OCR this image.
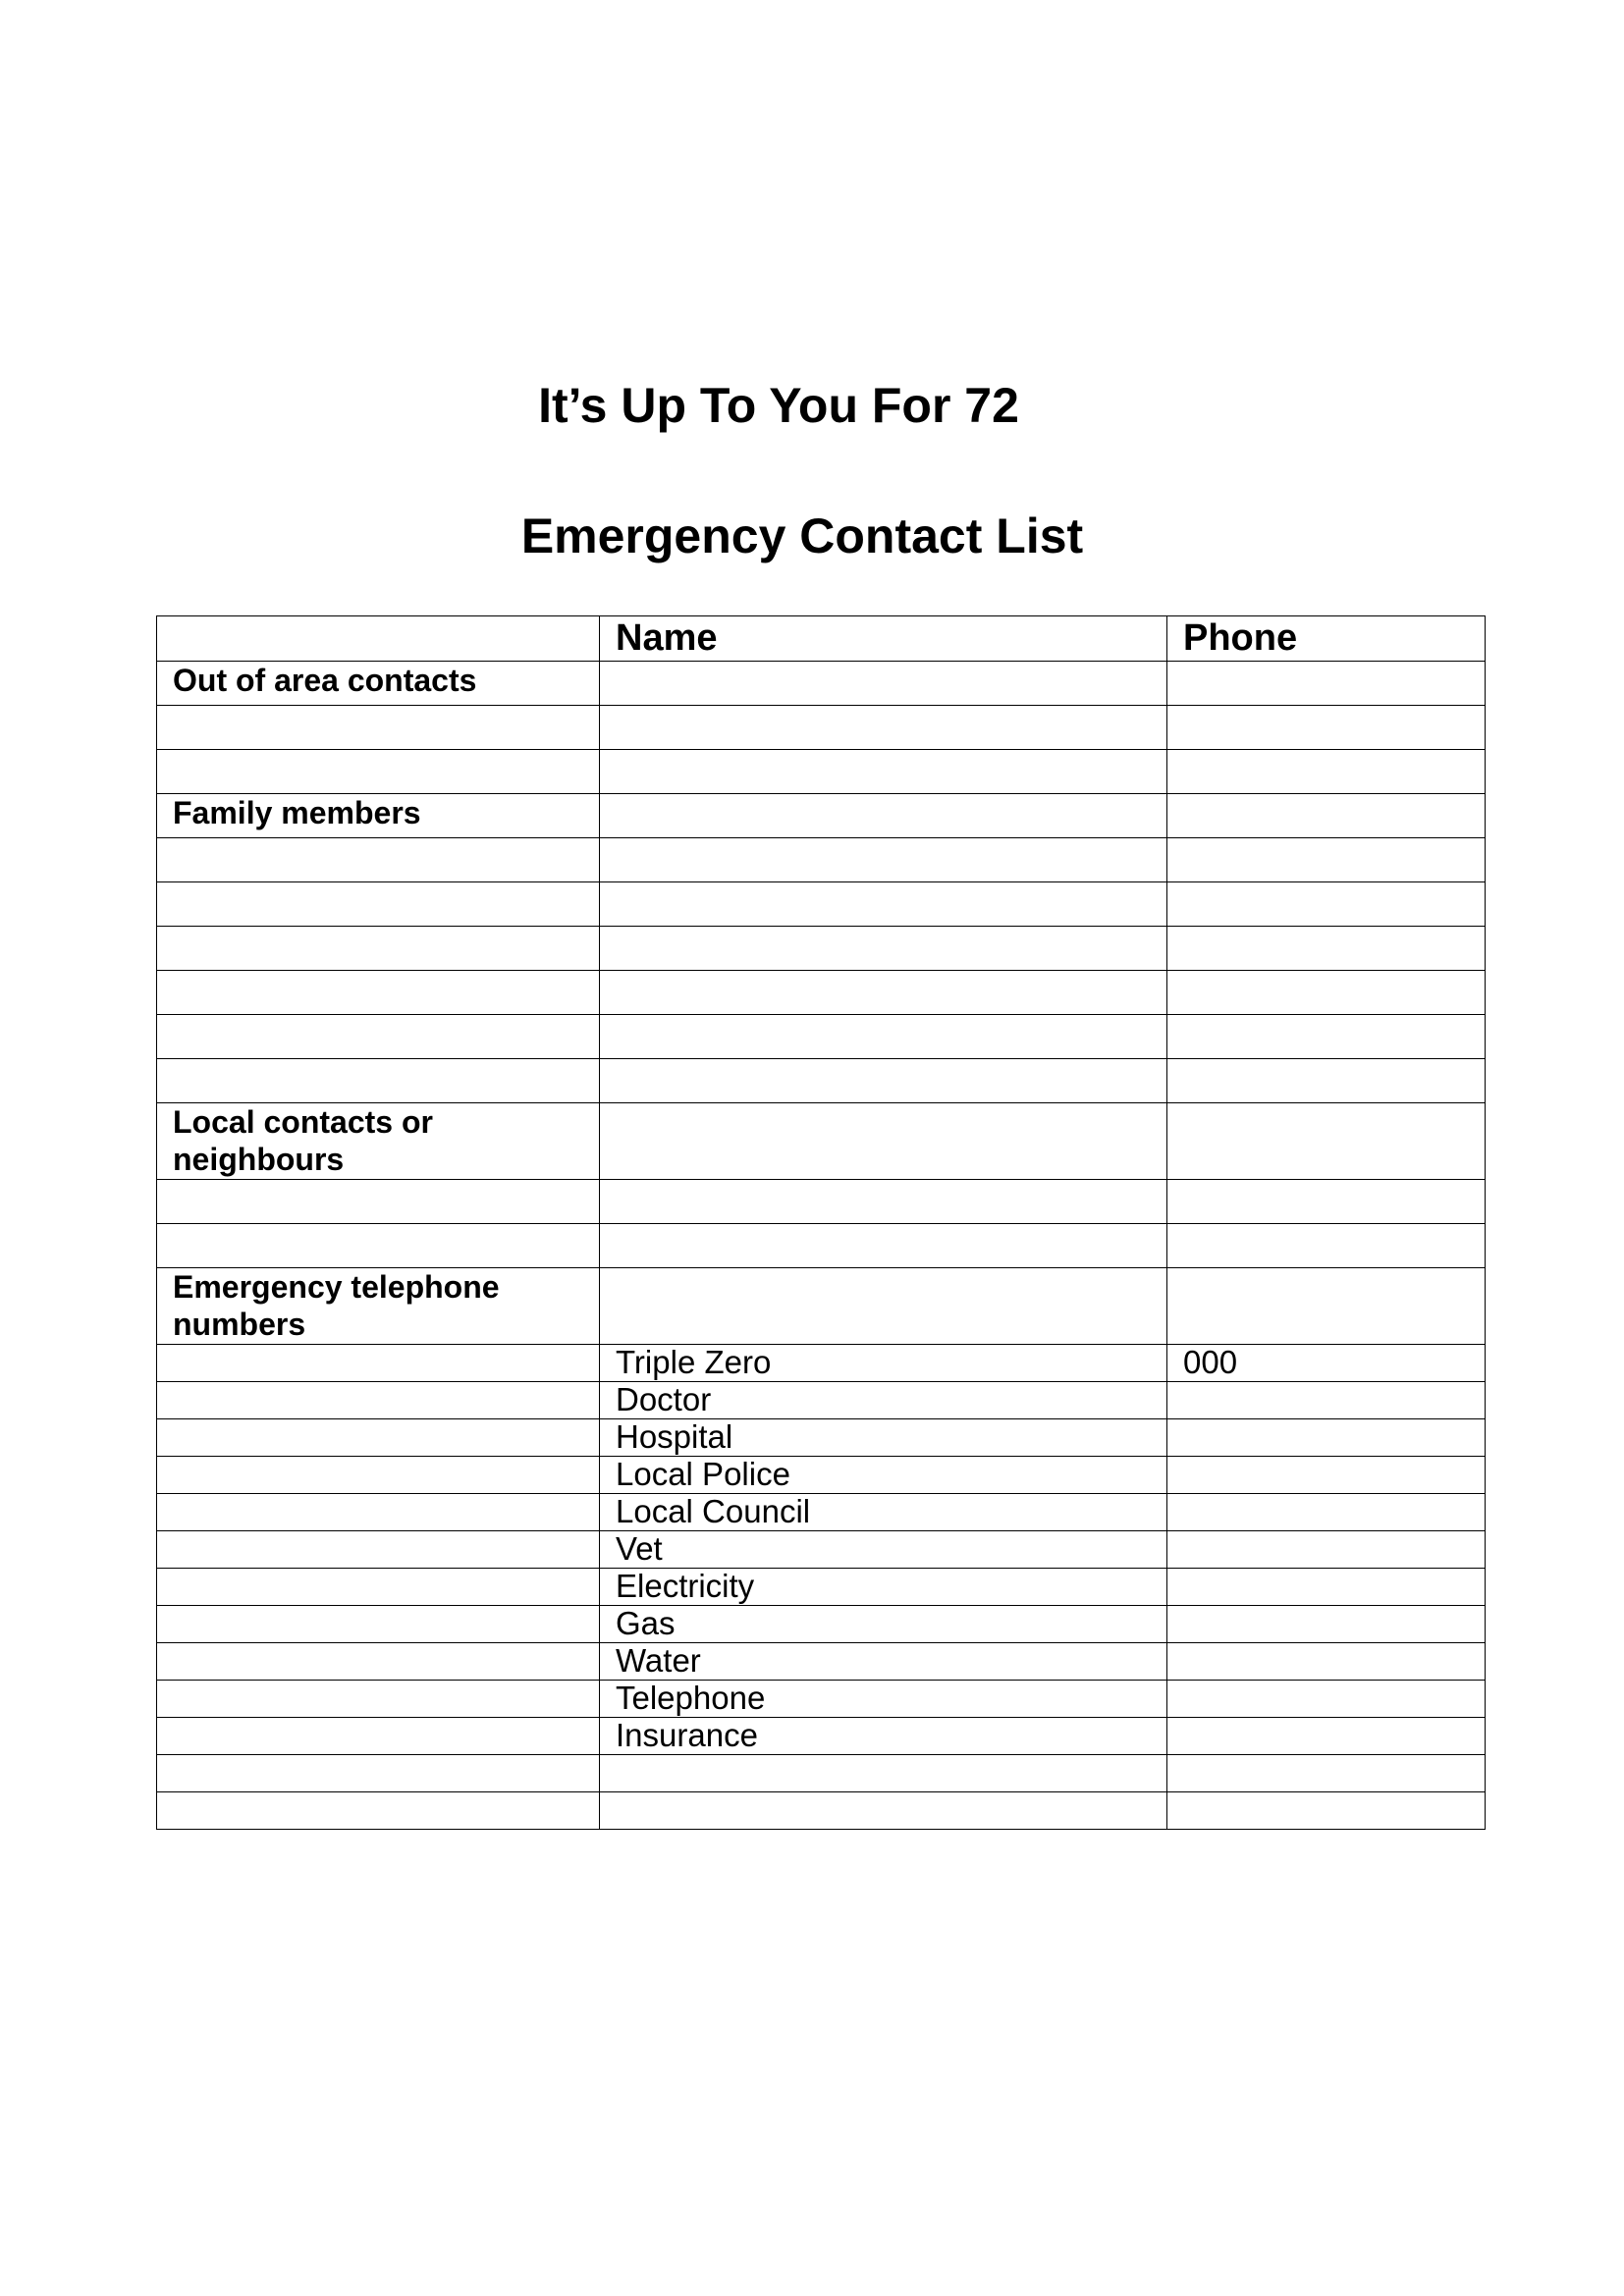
It’s Up To You For 72
Emergency Contact List
	Name	Phone
Out of area contacts		

Family members		

Local contacts or neighbours		

Emergency telephone numbers		
	Triple Zero	000
	Doctor	
	Hospital	
	Local Police	
	Local Council	
	Vet	
	Electricity	
	Gas	
	Water	
	Telephone	
	Insurance	
